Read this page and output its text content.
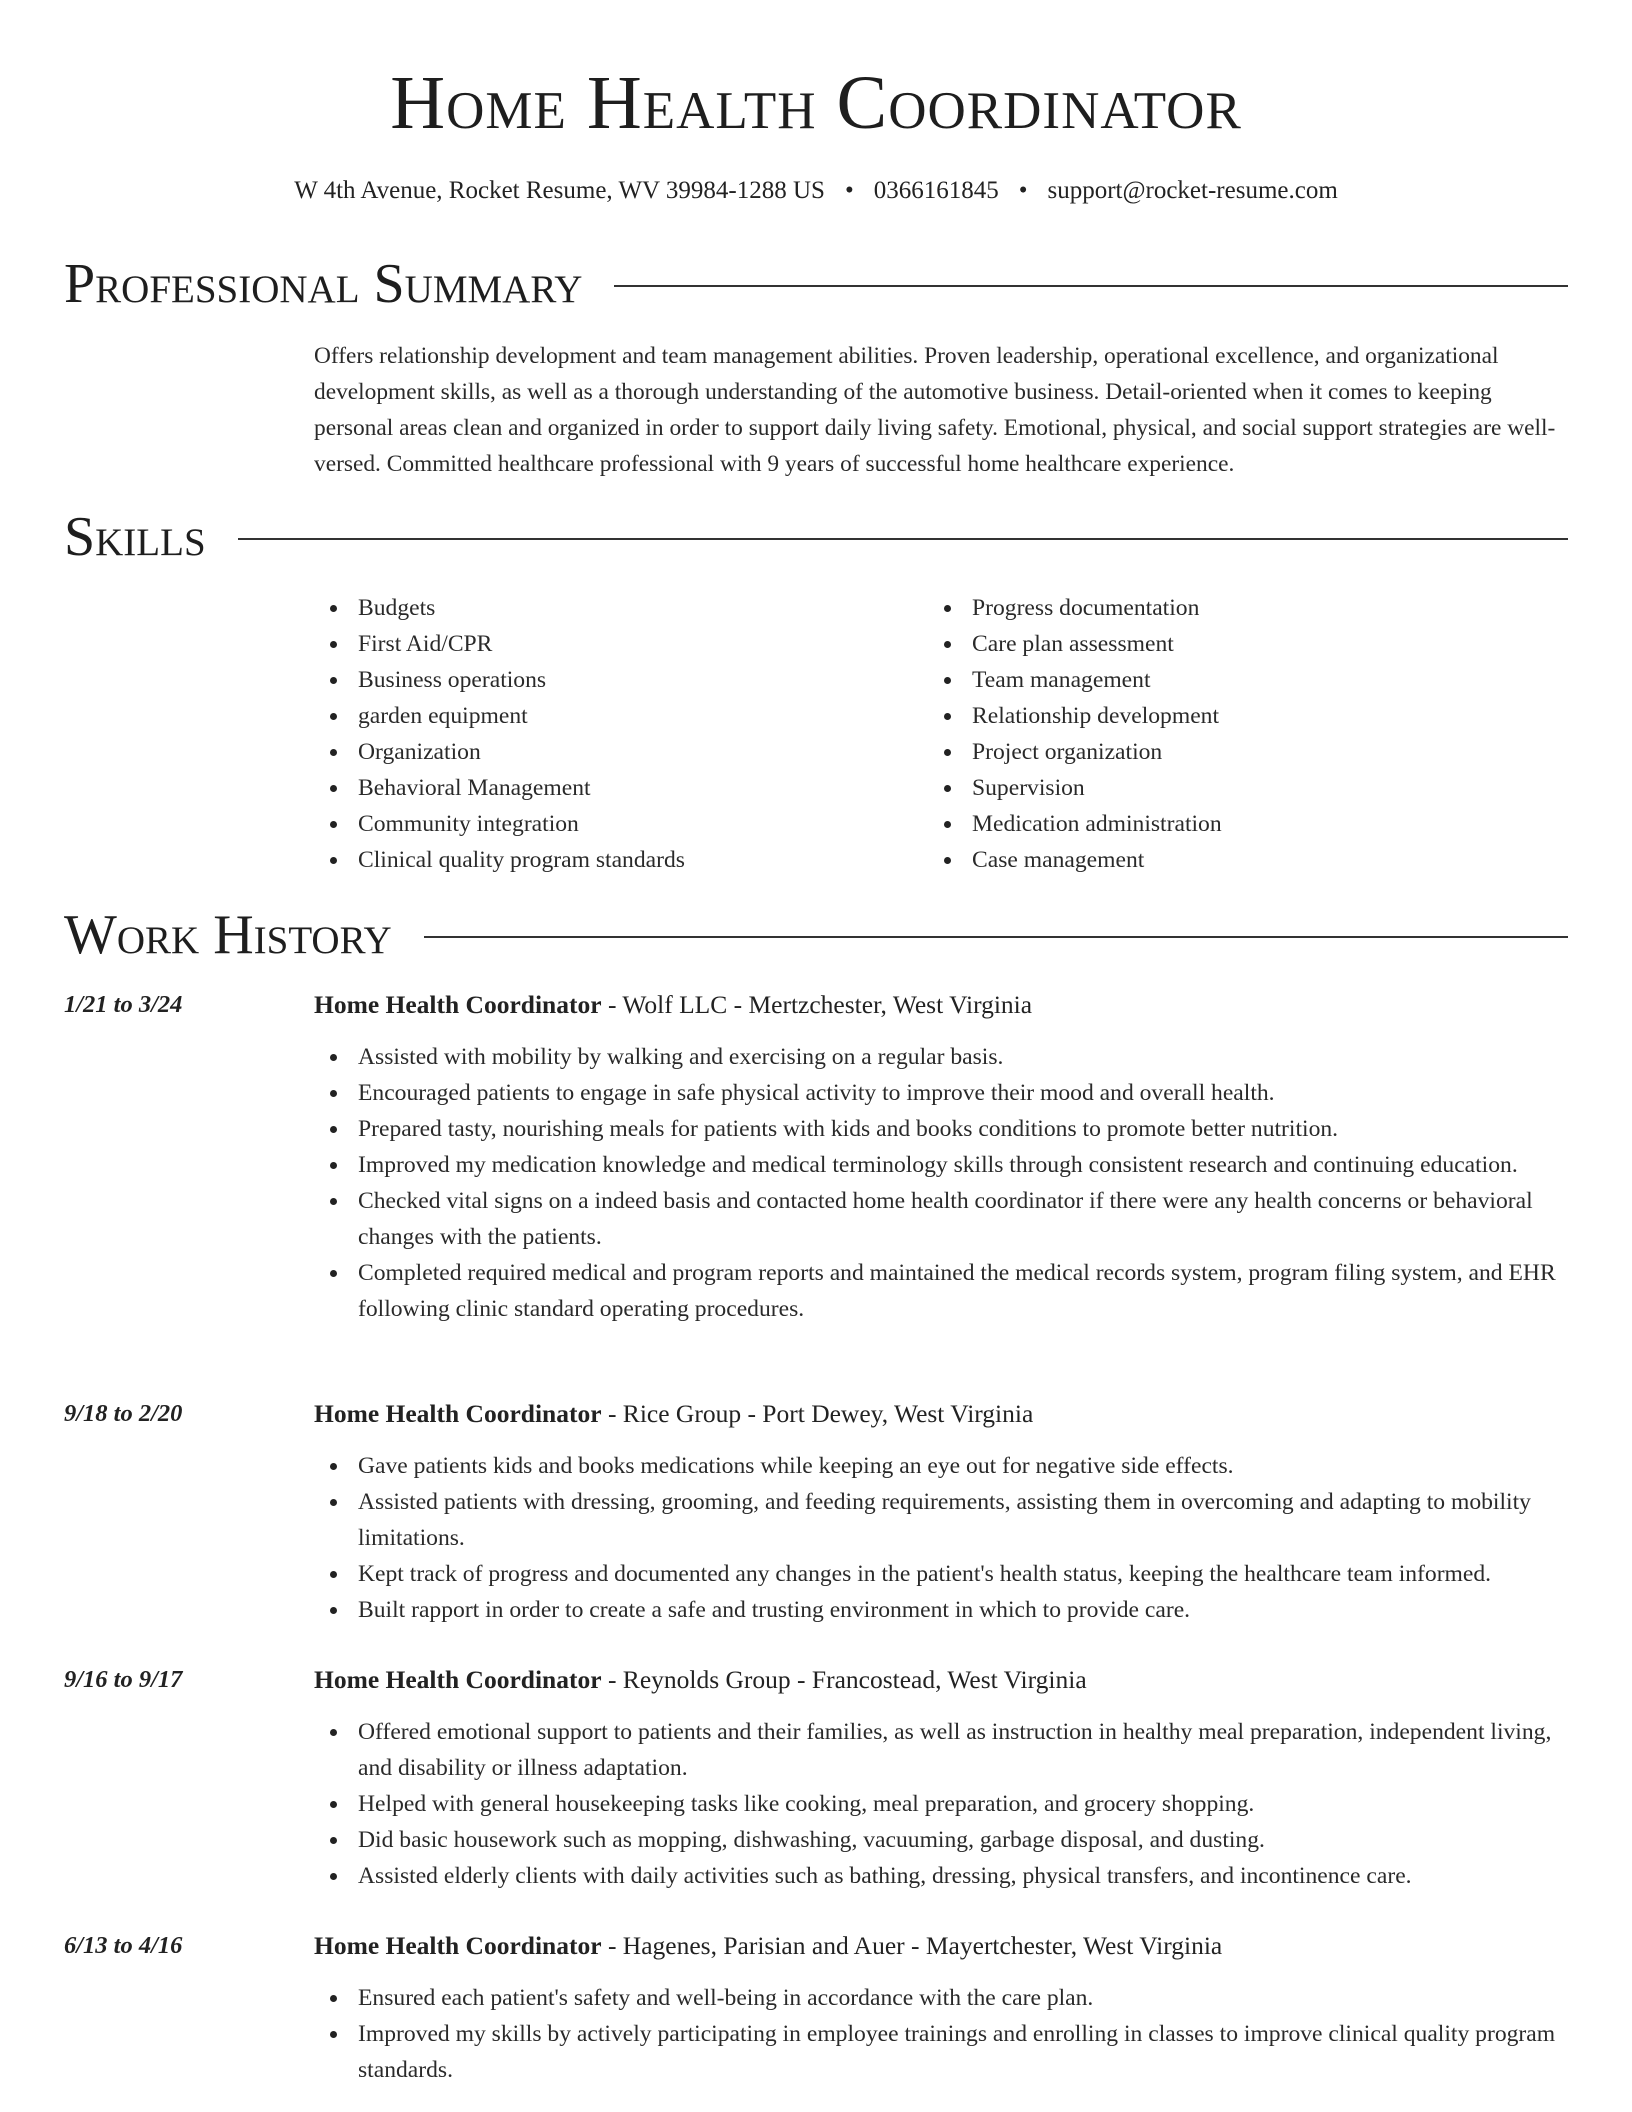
Home Health Coordinator
W 4th Avenue, Rocket Resume, WV 39984-1288 US • 0366161845 • support@rocket-resume.com
Professional Summary
Offers relationship development and team management abilities. Proven leadership, operational excellence, and organizational development skills, as well as a thorough understanding of the automotive business. Detail-oriented when it comes to keeping personal areas clean and organized in order to support daily living safety. Emotional, physical, and social support strategies are well-versed. Committed healthcare professional with 9 years of successful home healthcare experience.
Skills
Budgets
First Aid/CPR
Business operations
garden equipment
Organization
Behavioral Management
Community integration
Clinical quality program standards
Progress documentation
Care plan assessment
Team management
Relationship development
Project organization
Supervision
Medication administration
Case management
Work History
1/21 to 3/24	Home Health Coordinator - Wolf LLC - Mertzchester, West Virginia
Assisted with mobility by walking and exercising on a regular basis.
Encouraged patients to engage in safe physical activity to improve their mood and overall health.
Prepared tasty, nourishing meals for patients with kids and books conditions to promote better nutrition.
Improved my medication knowledge and medical terminology skills through consistent research and continuing education.
Checked vital signs on a indeed basis and contacted home health coordinator if there were any health concerns or behavioral changes with the patients.
Completed required medical and program reports and maintained the medical records system, program filing system, and EHR following clinic standard operating procedures.
9/18 to 2/20	Home Health Coordinator - Rice Group - Port Dewey, West Virginia
Gave patients kids and books medications while keeping an eye out for negative side effects.
Assisted patients with dressing, grooming, and feeding requirements, assisting them in overcoming and adapting to mobility limitations.
Kept track of progress and documented any changes in the patient's health status, keeping the healthcare team informed.
Built rapport in order to create a safe and trusting environment in which to provide care.
9/16 to 9/17	Home Health Coordinator - Reynolds Group - Francostead, West Virginia
Offered emotional support to patients and their families, as well as instruction in healthy meal preparation, independent living, and disability or illness adaptation.
Helped with general housekeeping tasks like cooking, meal preparation, and grocery shopping.
Did basic housework such as mopping, dishwashing, vacuuming, garbage disposal, and dusting.
Assisted elderly clients with daily activities such as bathing, dressing, physical transfers, and incontinence care.
6/13 to 4/16	Home Health Coordinator - Hagenes, Parisian and Auer - Mayertchester, West Virginia
Ensured each patient's safety and well-being in accordance with the care plan.
Improved my skills by actively participating in employee trainings and enrolling in classes to improve clinical quality program standards.
